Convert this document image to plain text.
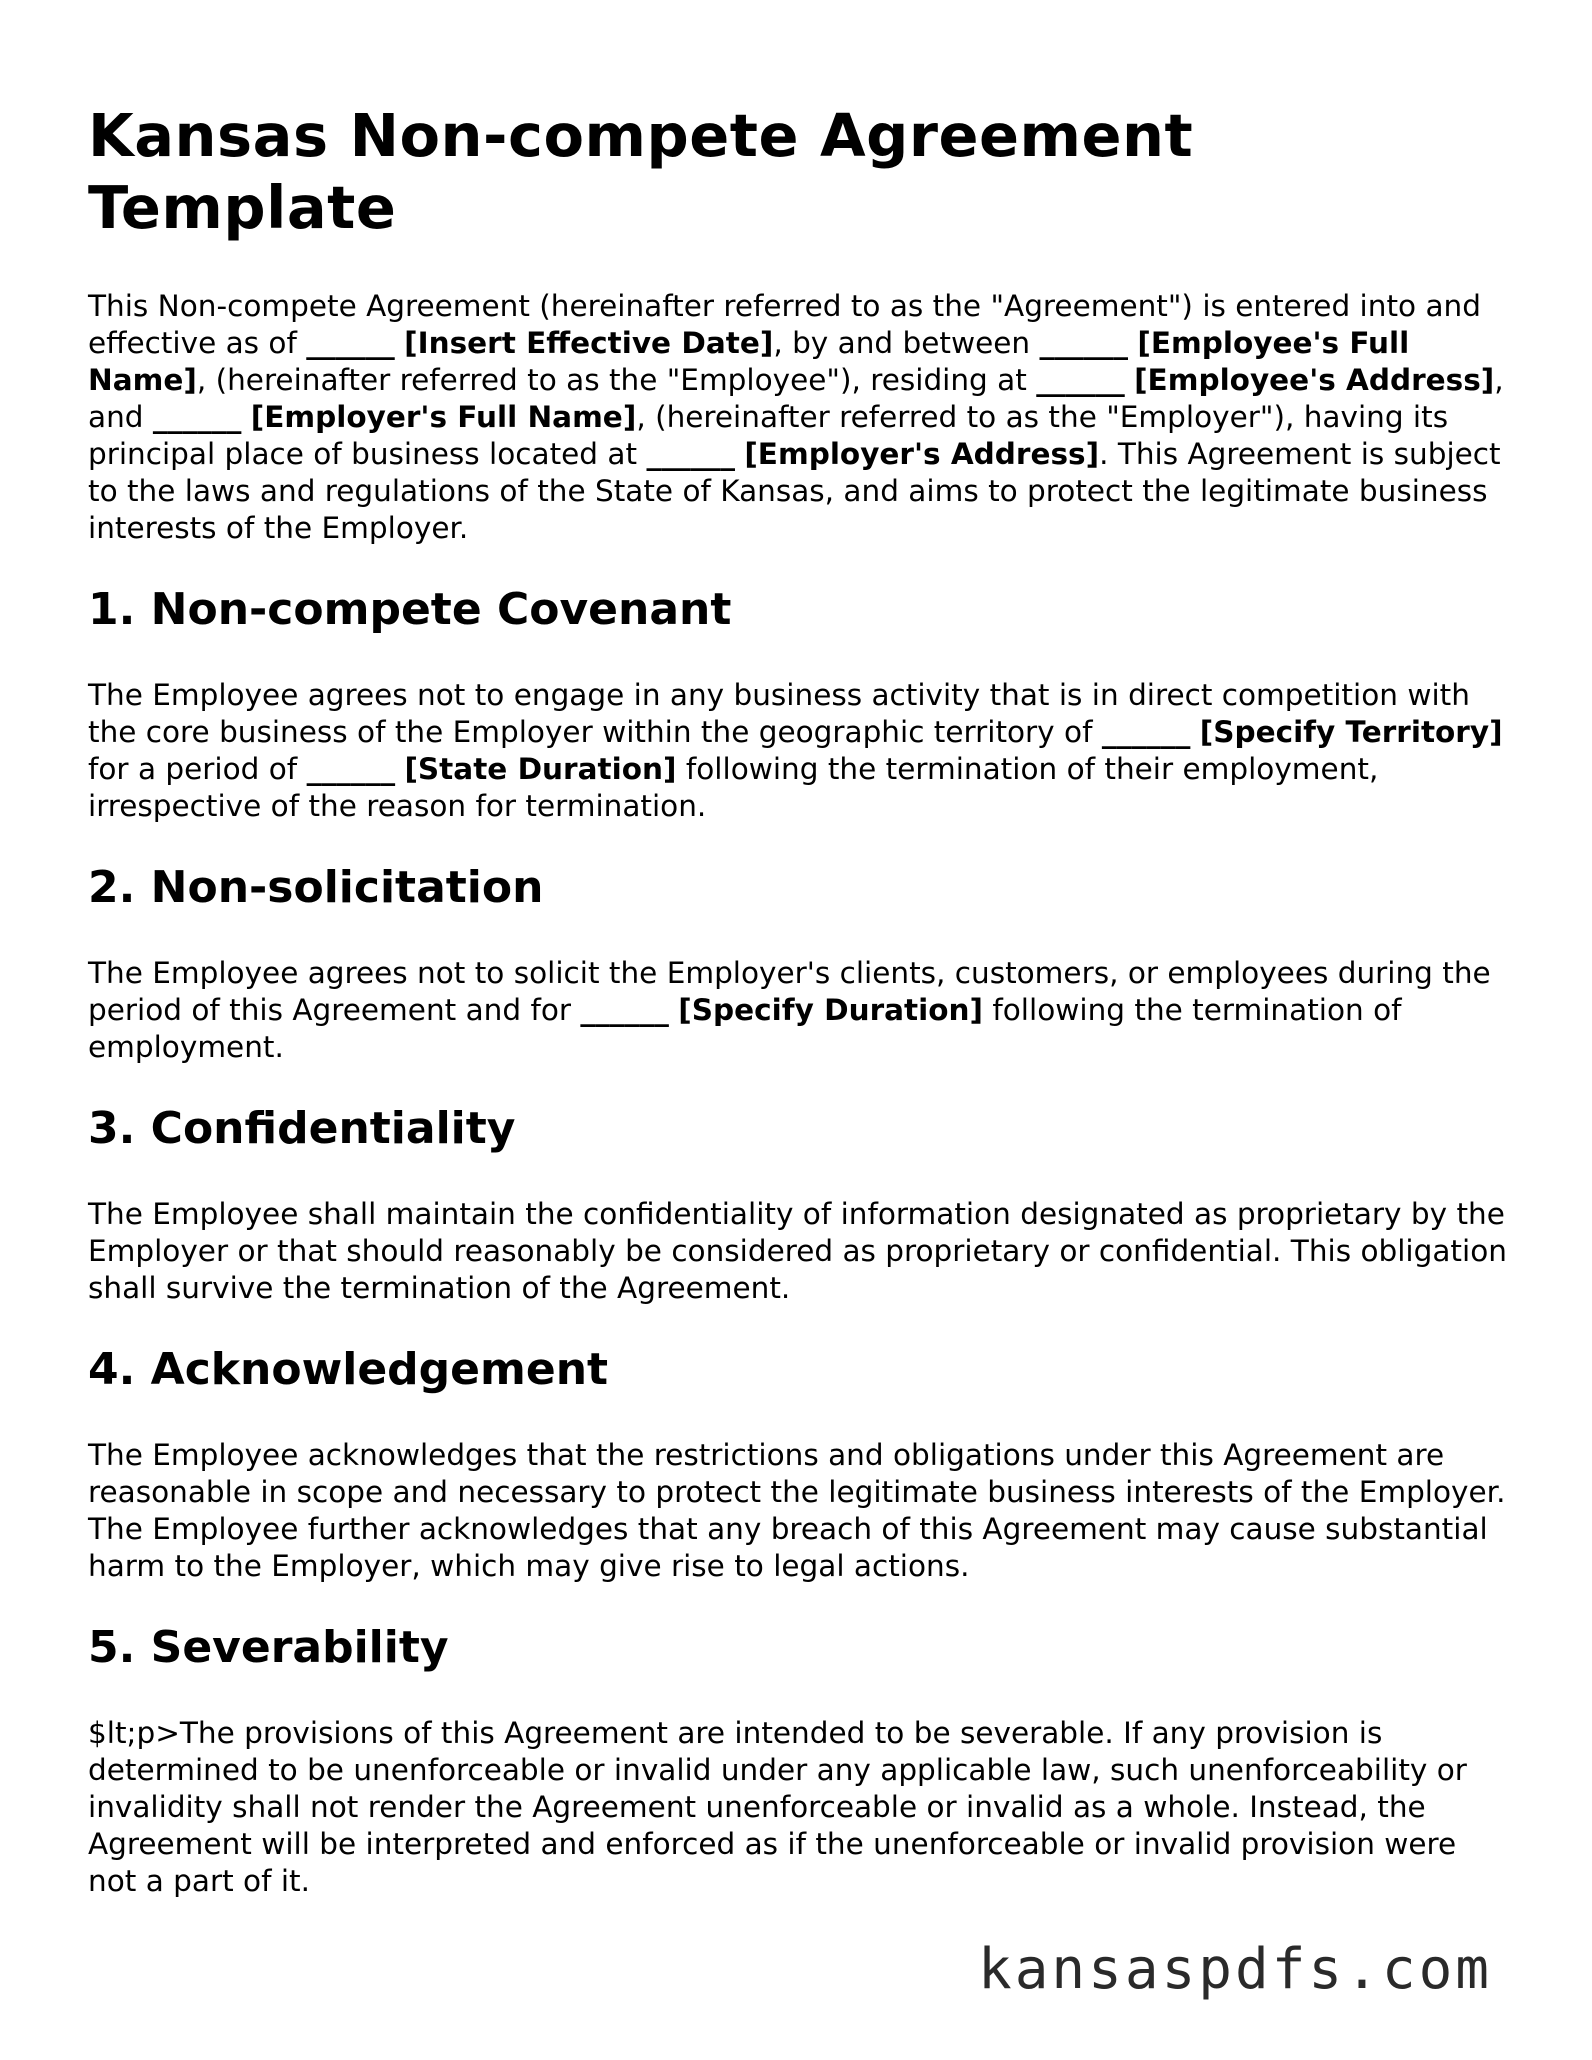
Kansas Non-compete Agreement Template

This Non-compete Agreement (hereinafter referred to as the "Agreement") is entered into and effective as of ______ [Insert Effective Date], by and between ______ [Employee's Full Name], (hereinafter referred to as the "Employee"), residing at ______ [Employee's Address], and ______ [Employer's Full Name], (hereinafter referred to as the "Employer"), having its principal place of business located at ______ [Employer's Address]. This Agreement is subject to the laws and regulations of the State of Kansas, and aims to protect the legitimate business interests of the Employer.

1. Non-compete Covenant

The Employee agrees not to engage in any business activity that is in direct competition with the core business of the Employer within the geographic territory of ______ [Specify Territory] for a period of ______ [State Duration] following the termination of their employment, irrespective of the reason for termination.

2. Non-solicitation

The Employee agrees not to solicit the Employer's clients, customers, or employees during the period of this Agreement and for ______ [Specify Duration] following the termination of employment.

3. Confidentiality

The Employee shall maintain the confidentiality of information designated as proprietary by the Employer or that should reasonably be considered as proprietary or confidential. This obligation shall survive the termination of the Agreement.

4. Acknowledgement

The Employee acknowledges that the restrictions and obligations under this Agreement are reasonable in scope and necessary to protect the legitimate business interests of the Employer. The Employee further acknowledges that any breach of this Agreement may cause substantial harm to the Employer, which may give rise to legal actions.

5. Severability

$lt;p>The provisions of this Agreement are intended to be severable. If any provision is determined to be unenforceable or invalid under any applicable law, such unenforceability or invalidity shall not render the Agreement unenforceable or invalid as a whole. Instead, the Agreement will be interpreted and enforced as if the unenforceable or invalid provision were not a part of it.

kansaspdfs.com
